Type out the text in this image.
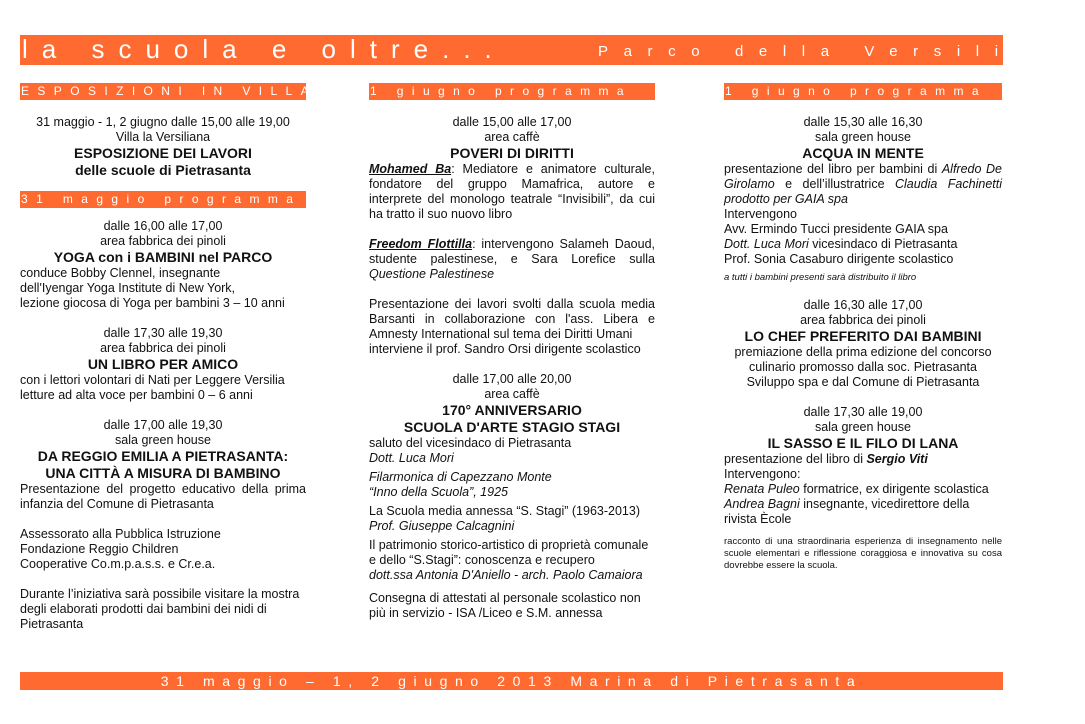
la scuola e oltre...	Parco della Versiliana
ESPOSIZIONI IN VILLA

31 maggio - 1, 2 giugno dalle 15,00 alle 19,00

Villa la Versiliana

ESPOSIZIONE DEI LAVORI

delle scuole di Pietrasanta

31 maggio programma

dalle 16,00 alle 17,00

area fabbrica dei pinoli

YOGA con i BAMBINI nel PARCO

conduce Bobby Clennel, insegnante

dell'Iyengar Yoga Institute di New York,

lezione giocosa di Yoga per bambini 3 – 10 anni

dalle 17,30 alle 19,30

area fabbrica dei pinoli

UN LIBRO PER AMICO

con i lettori volontari di Nati per Leggere Versilia

letture ad alta voce per bambini 0 – 6 anni

dalle 17,00 alle 19,30

sala green house

DA REGGIO EMILIA A PIETRASANTA:

UNA CITTÀ A MISURA DI BAMBINO

Presentazione del progetto educativo della prima infanzia del Comune di Pietrasanta

Assessorato alla Pubblica Istruzione

Fondazione Reggio Children

Cooperative Co.m.p.a.s.s. e Cr.e.a.

Durante l’iniziativa sarà possibile visitare la mostra degli elaborati prodotti dai bambini dei nidi di Pietrasanta

1 giugno programma

dalle 15,00 alle 17,00

area caffè

POVERI DI DIRITTI

Mohamed Ba: Mediatore e animatore culturale, fondatore del gruppo Mamafrica, autore e interprete del monologo teatrale “Invisibili”, da cui ha tratto il suo nuovo libro

Freedom Flottilla: intervengono Salameh Daoud, studente palestinese, e Sara Lorefice sulla Questione Palestinese

Presentazione dei lavori svolti dalla scuola media Barsanti in collaborazione con l'ass. Libera e Amnesty International sul tema dei Diritti Umani

interviene il prof. Sandro Orsi dirigente scolastico

dalle 17,00 alle 20,00

area caffè

170° ANNIVERSARIO

SCUOLA D'ARTE STAGIO STAGI

saluto del vicesindaco di Pietrasanta

Dott. Luca Mori

Filarmonica di Capezzano Monte

“Inno della Scuola”, 1925

La Scuola media annessa “S. Stagi” (1963-2013)

Prof. Giuseppe Calcagnini

Il patrimonio storico-artistico di proprietà comunale e dello “S.Stagi”: conoscenza e recupero

dott.ssa Antonia D'Aniello - arch. Paolo Camaiora

Consegna di attestati al personale scolastico non più in servizio - ISA /Liceo e S.M. annessa

1 giugno programma

dalle 15,30 alle 16,30

sala green house

ACQUA IN MENTE

presentazione del libro per bambini di Alfredo De Girolamo e dell’illustratrice Claudia Fachinetti prodotto per GAIA spa

Intervengono

Avv. Ermindo Tucci presidente GAIA spa

Dott. Luca Mori vicesindaco di Pietrasanta

Prof. Sonia Casaburo dirigente scolastico

a tutti i bambini presenti sarà distribuito il libro

dalle 16,30 alle 17,00

area fabbrica dei pinoli

LO CHEF PREFERITO DAI BAMBINI

premiazione della prima edizione del concorso culinario promosso dalla soc. Pietrasanta Sviluppo spa e dal Comune di Pietrasanta

dalle 17,30 alle 19,00

sala green house

IL SASSO E IL FILO DI LANA

presentazione del libro di Sergio Viti

Intervengono:

Renata Puleo formatrice, ex dirigente scolastica

Andrea Bagni insegnante, vicedirettore della rivista Ècole

racconto di una straordinaria esperienza di insegnamento nelle scuole elementari e riflessione coraggiosa e innovativa su cosa dovrebbe essere la scuola.

31 maggio – 1, 2 giugno 2013 Marina di Pietrasanta
